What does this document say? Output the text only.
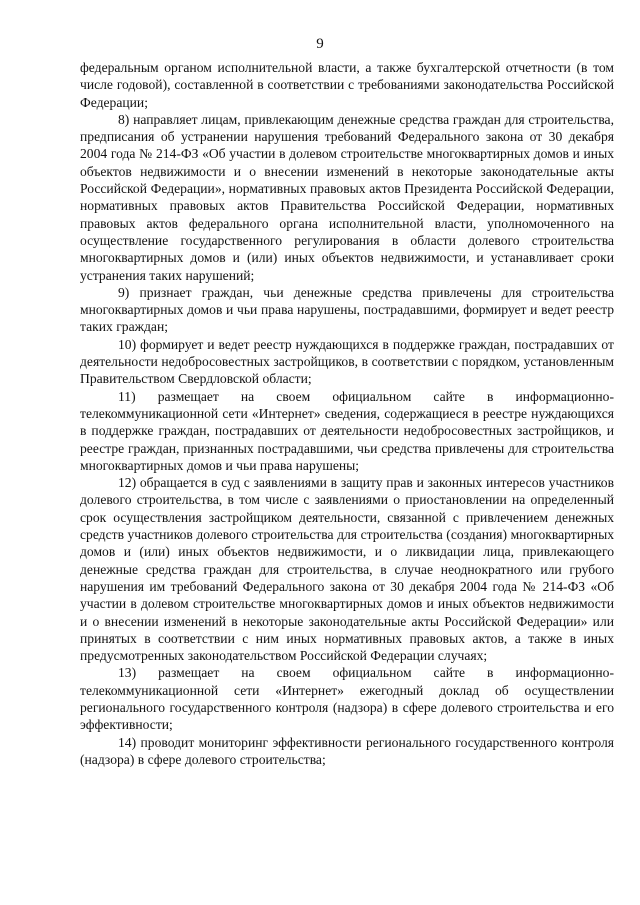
9

федеральным органом исполнительной власти, а также бухгалтерской отчетности (в том числе годовой), составленной в соответствии с требованиями законодательства Российской Федерации;

8) направляет лицам, привлекающим денежные средства граждан для строительства, предписания об устранении нарушения требований Федерального закона от 30 декабря 2004 года № 214-ФЗ «Об участии в долевом строительстве многоквартирных домов и иных объектов недвижимости и о внесении изменений в некоторые законодательные акты Российской Федерации», нормативных правовых актов Президента Российской Федерации, нормативных правовых актов Правительства Российской Федерации, нормативных правовых актов федерального органа исполнительной власти, уполномоченного на осуществление государственного регулирования в области долевого строительства многоквартирных домов и (или) иных объектов недвижимости, и устанавливает сроки устранения таких нарушений;

9) признает граждан, чьи денежные средства привлечены для строительства многоквартирных домов и чьи права нарушены, пострадавшими, формирует и ведет реестр таких граждан;

10) формирует и ведет реестр нуждающихся в поддержке граждан, пострадавших от деятельности недобросовестных застройщиков, в соответствии с порядком, установленным Правительством Свердловской области;

11) размещает на своем официальном сайте в информационно-телекоммуникационной сети «Интернет» сведения, содержащиеся в реестре нуждающихся в поддержке граждан, пострадавших от деятельности недобросовестных застройщиков, и реестре граждан, признанных пострадавшими, чьи средства привлечены для строительства многоквартирных домов и чьи права нарушены;

12) обращается в суд с заявлениями в защиту прав и законных интересов участников долевого строительства, в том числе с заявлениями о приостановлении на определенный срок осуществления застройщиком деятельности, связанной с привлечением денежных средств участников долевого строительства для строительства (создания) многоквартирных домов и (или) иных объектов недвижимости, и о ликвидации лица, привлекающего денежные средства граждан для строительства, в случае неоднократного или грубого нарушения им требований Федерального закона от 30 декабря 2004 года № 214-ФЗ «Об участии в долевом строительстве многоквартирных домов и иных объектов недвижимости и о внесении изменений в некоторые законодательные акты Российской Федерации» или принятых в соответствии с ним иных нормативных правовых актов, а также в иных предусмотренных законодательством Российской Федерации случаях;

13) размещает на своем официальном сайте в информационно-телекоммуникационной сети «Интернет» ежегодный доклад об осуществлении регионального государственного контроля (надзора) в сфере долевого строительства и его эффективности;

14) проводит мониторинг эффективности регионального государственного контроля (надзора) в сфере долевого строительства;
